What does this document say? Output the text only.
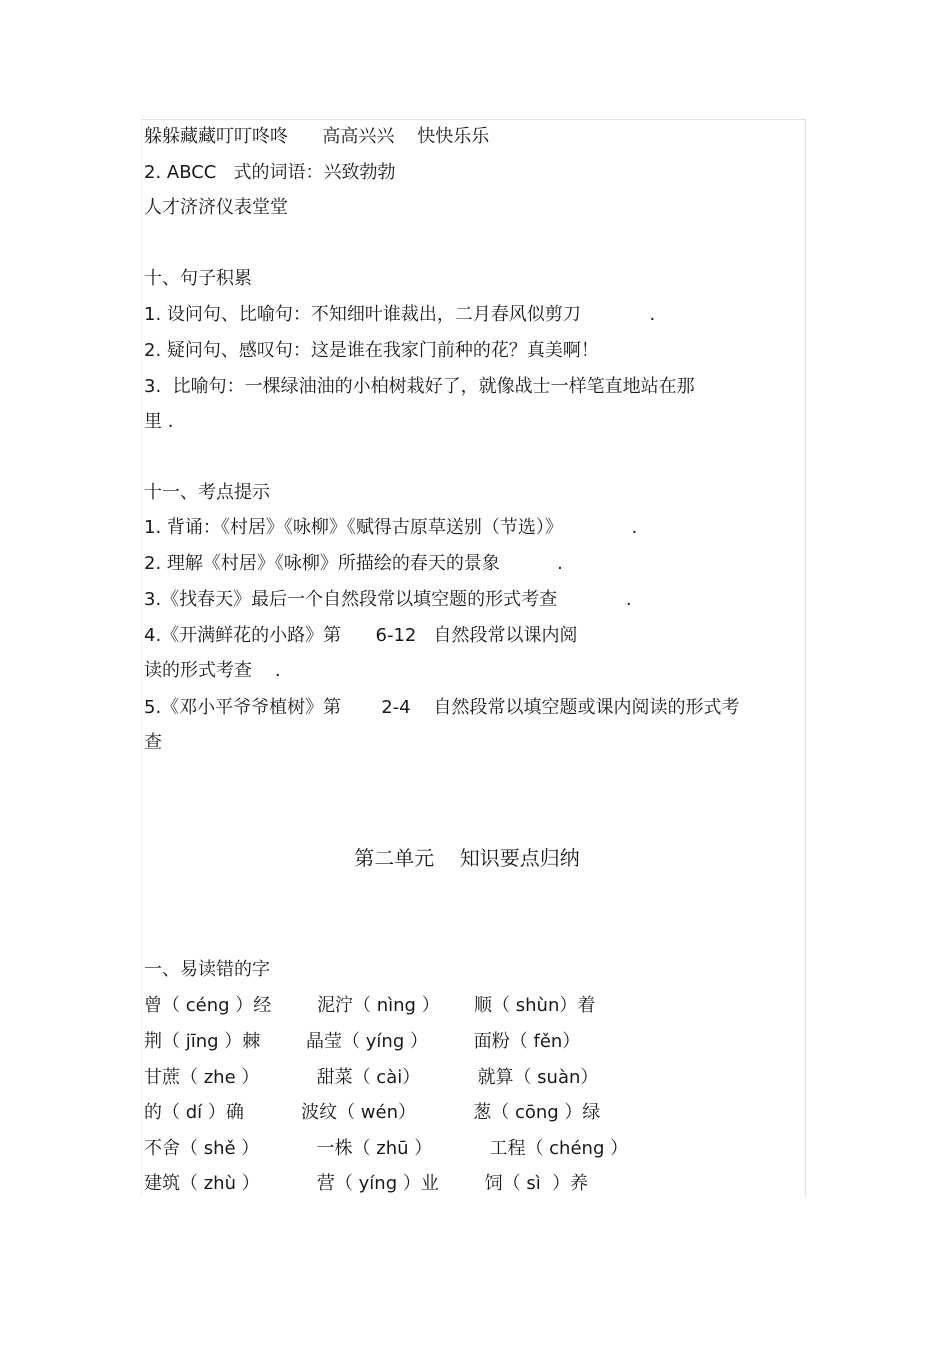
躲躲藏藏叮叮咚咚      高高兴兴    快快乐乐
2. ABCC   式的词语：兴致勃勃
人才济济仪表堂堂
十、句子积累
1. 设问句、比喻句：不知细叶谁裁出，二月春风似剪刀            .
2. 疑问句、感叹句：这是谁在我家门前种的花？真美啊！
3.  比喻句：一棵绿油油的小柏树栽好了，就像战士一样笔直地站在那
里 .
十一、考点提示
1. 背诵：《村居》《咏柳》《赋得古原草送别（节选）》            .
2. 理解《村居》《咏柳》所描绘的春天的景象          .
3.《找春天》最后一个自然段常以填空题的形式考查            .
4.《开满鲜花的小路》第      6-12   自然段常以课内阅
读的形式考查    .
5.《邓小平爷爷植树》第       2-4    自然段常以填空题或课内阅读的形式考
查
第二单元    知识要点归纳
一、易读错的字
曾（ céng ）经        泥泞（ nìng ）      顺（ shùn）着
荆（ jīng ）棘        晶莹（ yíng ）        面粉（ fěn）
甘蔗（ zhe ）          甜菜（ cài）          就算（ suàn）
的（ dí ）确          波纹（ wén）          葱（ cōng ）绿
不舍（ shě ）          一株（ zhū ）          工程（ chéng ）
建筑（ zhù ）          营（ yíng ）业        饲（ sì  ）养
